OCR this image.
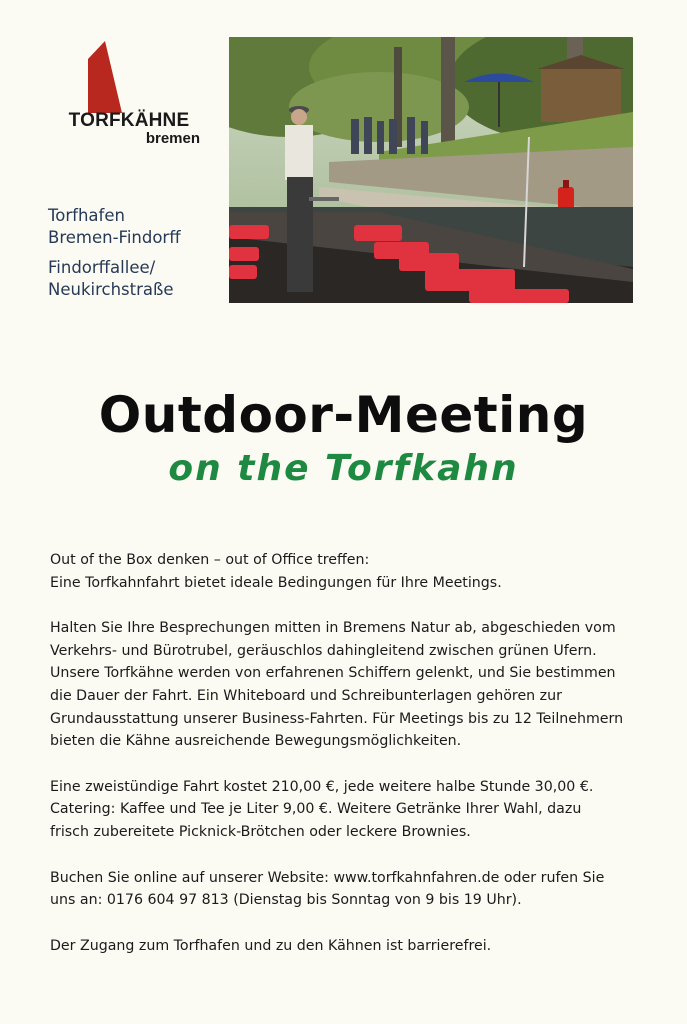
TORFKÄHNE
bremen
Torfhafen
Bremen-Findorff
Findorffallee/
Neukirchstraße
Outdoor-Meeting
on the Torfkahn

Out of the Box denken – out of Office treffen:
Eine Torfkahnfahrt bietet ideale Bedingungen für Ihre Meetings.

Halten Sie Ihre Besprechungen mitten in Bremens Natur ab, abgeschieden vom
Verkehrs- und Bürotrubel, geräuschlos dahingleitend zwischen grünen Ufern.
Unsere Torfkähne werden von erfahrenen Schiffern gelenkt, und Sie bestimmen
die Dauer der Fahrt. Ein Whiteboard und Schreibunterlagen gehören zur
Grundausstattung unserer Business-Fahrten. Für Meetings bis zu 12 Teilnehmern
bieten die Kähne ausreichende Bewegungsmöglichkeiten.

Eine zweistündige Fahrt kostet 210,00 €, jede weitere halbe Stunde 30,00 €.
Catering: Kaffee und Tee je Liter 9,00 €. Weitere Getränke Ihrer Wahl, dazu
frisch zubereitete Picknick-Brötchen oder leckere Brownies.

Buchen Sie online auf unserer Website: www.torfkahnfahren.de oder rufen Sie
uns an: 0176 604 97 813 (Dienstag bis Sonntag von 9 bis 19 Uhr).

Der Zugang zum Torfhafen und zu den Kähnen ist barrierefrei.
